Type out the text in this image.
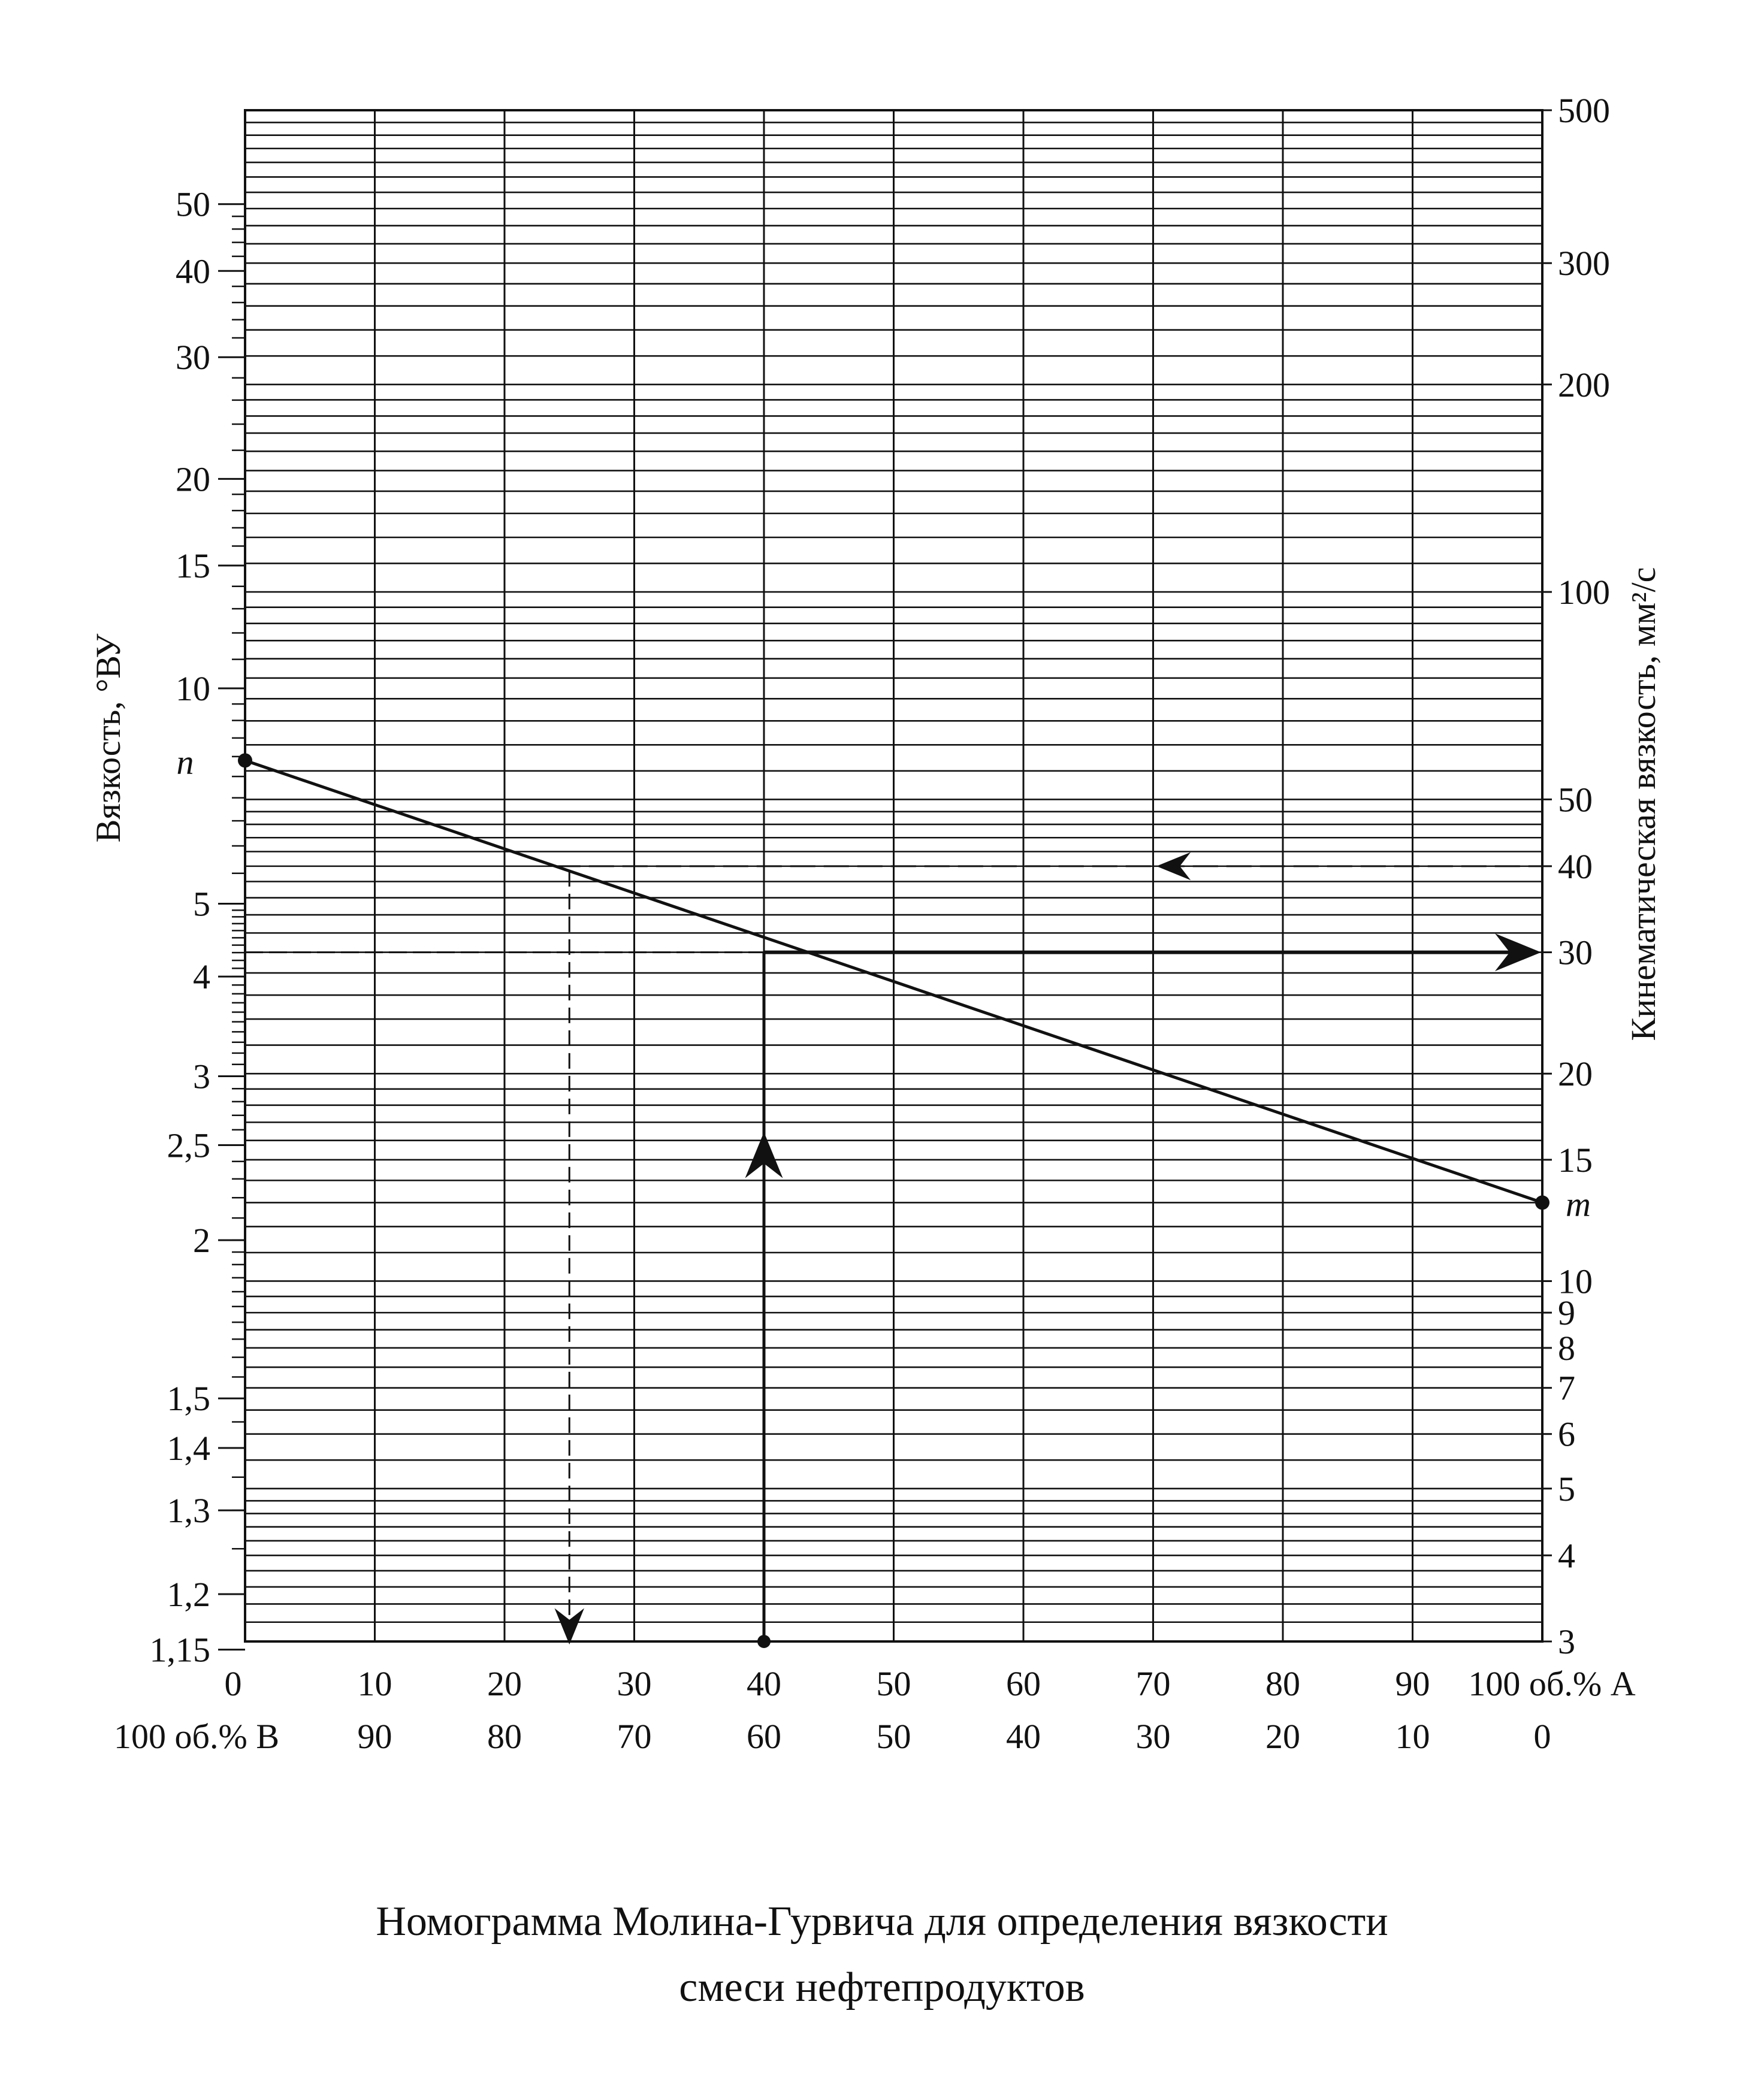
50
40
30
20
15
10
5
4
3
2,5
2
1,5
1,4
1,3
1,2
1,15
Вязкость, °ВУ
500
300
200
100
50
40
30
20
15
10
9
8
7
6
5
4
3
Кинематическая вязкость, мм²/с
0	10	20	30	40	50	60	70	80	90 100 об.% А
100 об.% В 90	80	70	60	50	40	30	20	10	0
n
m
Номограмма Молина-Гурвича для определения вязкости
смеси нефтепродуктов
